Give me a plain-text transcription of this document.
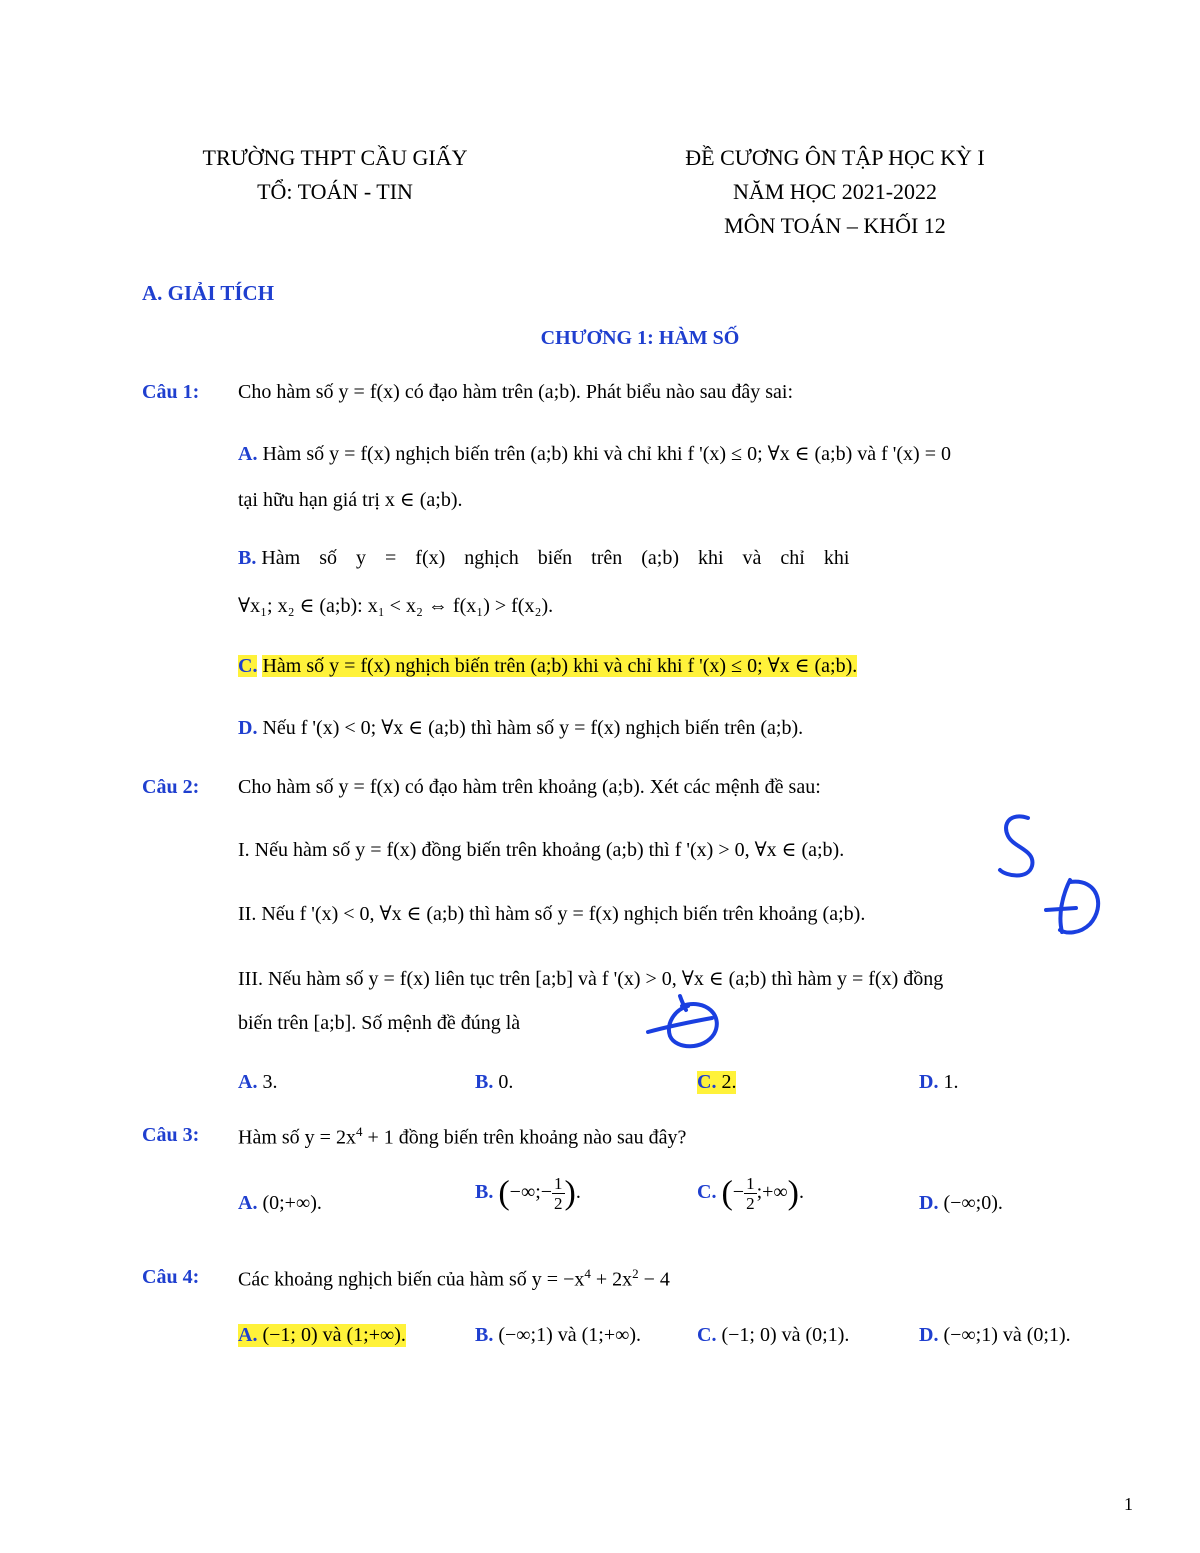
TRƯỜNG THPT CẦU GIẤY
TỔ: TOÁN - TIN
ĐỀ CƯƠNG ÔN TẬP HỌC KỲ I
NĂM HỌC 2021-2022
MÔN TOÁN – KHỐI 12
A. GIẢI TÍCH
CHƯƠNG 1: HÀM SỐ
Câu 1: Cho hàm số y = f(x) có đạo hàm trên (a;b). Phát biểu nào sau đây sai:
A. Hàm số y = f(x) nghịch biến trên (a;b) khi và chỉ khi f '(x) ≤ 0; ∀x ∈ (a;b) và f '(x) = 0
tại hữu hạn giá trị x ∈ (a;b).
B. Hàm số y = f(x) nghịch biến trên (a;b) khi và chỉ khi
∀x₁; x₂ ∈ (a;b): x₁ < x₂ ⇔ f(x₁) > f(x₂).
C. Hàm số y = f(x) nghịch biến trên (a;b) khi và chỉ khi f '(x) ≤ 0; ∀x ∈ (a;b).
D. Nếu f '(x) < 0; ∀x ∈ (a;b) thì hàm số y = f(x) nghịch biến trên (a;b).
Câu 2: Cho hàm số y = f(x) có đạo hàm trên khoảng (a;b). Xét các mệnh đề sau:
I. Nếu hàm số y = f(x) đồng biến trên khoảng (a;b) thì f '(x) > 0, ∀x ∈ (a;b).
II. Nếu f '(x) < 0, ∀x ∈ (a;b) thì hàm số y = f(x) nghịch biến trên khoảng (a;b).
III. Nếu hàm số y = f(x) liên tục trên [a;b] và f '(x) > 0, ∀x ∈ (a;b) thì hàm y = f(x) đồng
biến trên [a;b]. Số mệnh đề đúng là
A. 3.	B. 0.	C. 2.	D. 1.
Câu 3: Hàm số $y = 2x^4 + 1$ đồng biến trên khoảng nào sau đây?
A. (0;+∞).	B. (−∞;− $\frac{1}{2}$ ).	C. (− $\frac{1}{2}$ ;+∞).	D. (−∞;0).
Câu 4: Các khoảng nghịch biến của hàm số $y = -x^4 + 2x^2 - 4$
A. (−1; 0) và (1;+∞).	B. (−∞;1) và (1;+∞).	C. (−1; 0) và (0;1).	D. (−∞;1) và (0;1).
1
